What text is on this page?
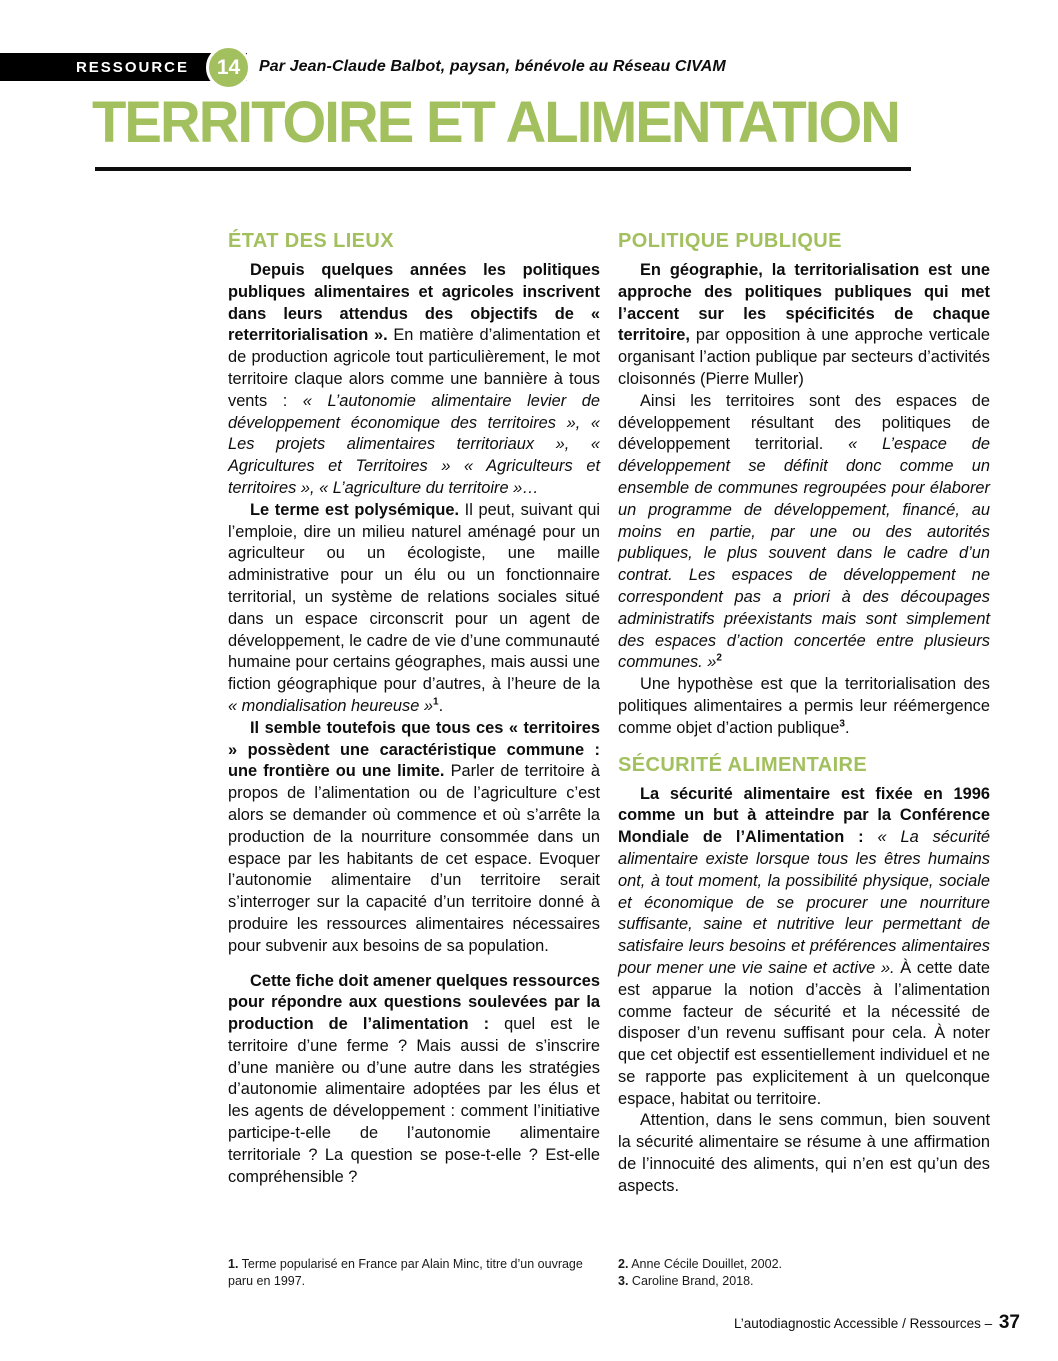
RESSOURCE 14 Par Jean-Claude Balbot, paysan, bénévole au Réseau CIVAM
TERRITOIRE ET ALIMENTATION
ÉTAT DES LIEUX

Depuis quelques années les politiques publiques alimentaires et agricoles inscrivent dans leurs attendus des objectifs de « reterritorialisation ». En matière d’alimentation et de production agricole tout particulièrement, le mot territoire claque alors comme une bannière à tous vents : « L’autonomie alimentaire levier de développement économique des territoires », « Les projets alimentaires territoriaux », « Agricultures et Territoires » « Agriculteurs et territoires », « L’agriculture du territoire »…

Le terme est polysémique. Il peut, suivant qui l’emploie, dire un milieu naturel aménagé pour un agriculteur ou un écologiste, une maille administrative pour un élu ou un fonctionnaire territorial, un système de relations sociales situé dans un espace circonscrit pour un agent de développement, le cadre de vie d’une communauté humaine pour certains géographes, mais aussi une fiction géographique pour d’autres, à l’heure de la « mondialisation heureuse »$^1$.

Il semble toutefois que tous ces « territoires » possèdent une caractéristique commune : une frontière ou une limite. Parler de territoire à propos de l’alimentation ou de l’agriculture c’est alors se demander où commence et où s’arrête la production de la nourriture consommée dans un espace par les habitants de cet espace. Evoquer l’autonomie alimentaire d’un territoire serait s’interroger sur la capacité d’un territoire donné à produire les ressources alimentaires nécessaires pour subvenir aux besoins de sa population.

Cette fiche doit amener quelques ressources pour répondre aux questions soulevées par la production de l’alimentation : quel est le territoire d’une ferme ? Mais aussi de s’inscrire d’une manière ou d’une autre dans les stratégies d’autonomie alimentaire adoptées par les élus et les agents de développement : comment l’initiative participe-t-elle de l’autonomie alimentaire territoriale ? La question se pose-t-elle ? Est-elle compréhensible ?

POLITIQUE PUBLIQUE

En géographie, la territorialisation est une approche des politiques publiques qui met l’accent sur les spécificités de chaque territoire, par opposition à une approche verticale organisant l’action publique par secteurs d’activités cloisonnés (Pierre Muller)

Ainsi les territoires sont des espaces de développement résultant des politiques de développement territorial. « L’espace de développement se définit donc comme un ensemble de communes regroupées pour élaborer un programme de développement, financé, au moins en partie, par une ou des autorités publiques, le plus souvent dans le cadre d’un contrat. Les espaces de développement ne correspondent pas a priori à des découpages administratifs préexistants mais sont simplement des espaces d’action concertée entre plusieurs communes. »$^2$

Une hypothèse est que la territorialisation des politiques alimentaires a permis leur réémergence comme objet d’action publique$^3$.

SÉCURITÉ ALIMENTAIRE

La sécurité alimentaire est fixée en 1996 comme un but à atteindre par la Conférence Mondiale de l’Alimentation : « La sécurité alimentaire existe lorsque tous les êtres humains ont, à tout moment, la possibilité physique, sociale et économique de se procurer une nourriture suffisante, saine et nutritive leur permettant de satisfaire leurs besoins et préférences alimentaires pour mener une vie saine et active ». À cette date est apparue la notion d’accès à l’alimentation comme facteur de sécurité et la nécessité de disposer d’un revenu suffisant pour cela. À noter que cet objectif est essentiellement individuel et ne se rapporte pas explicitement à un quelconque espace, habitat ou territoire.

Attention, dans le sens commun, bien souvent la sécurité alimentaire se résume à une affirmation de l’innocuité des aliments, qui n’en est qu’un des aspects.

1. Terme popularisé en France par Alain Minc, titre d’un ouvrage paru en 1997.

2. Anne Cécile Douillet, 2002.

3. Caroline Brand, 2018.

L’autodiagnostic Accessible / Ressources – 37
